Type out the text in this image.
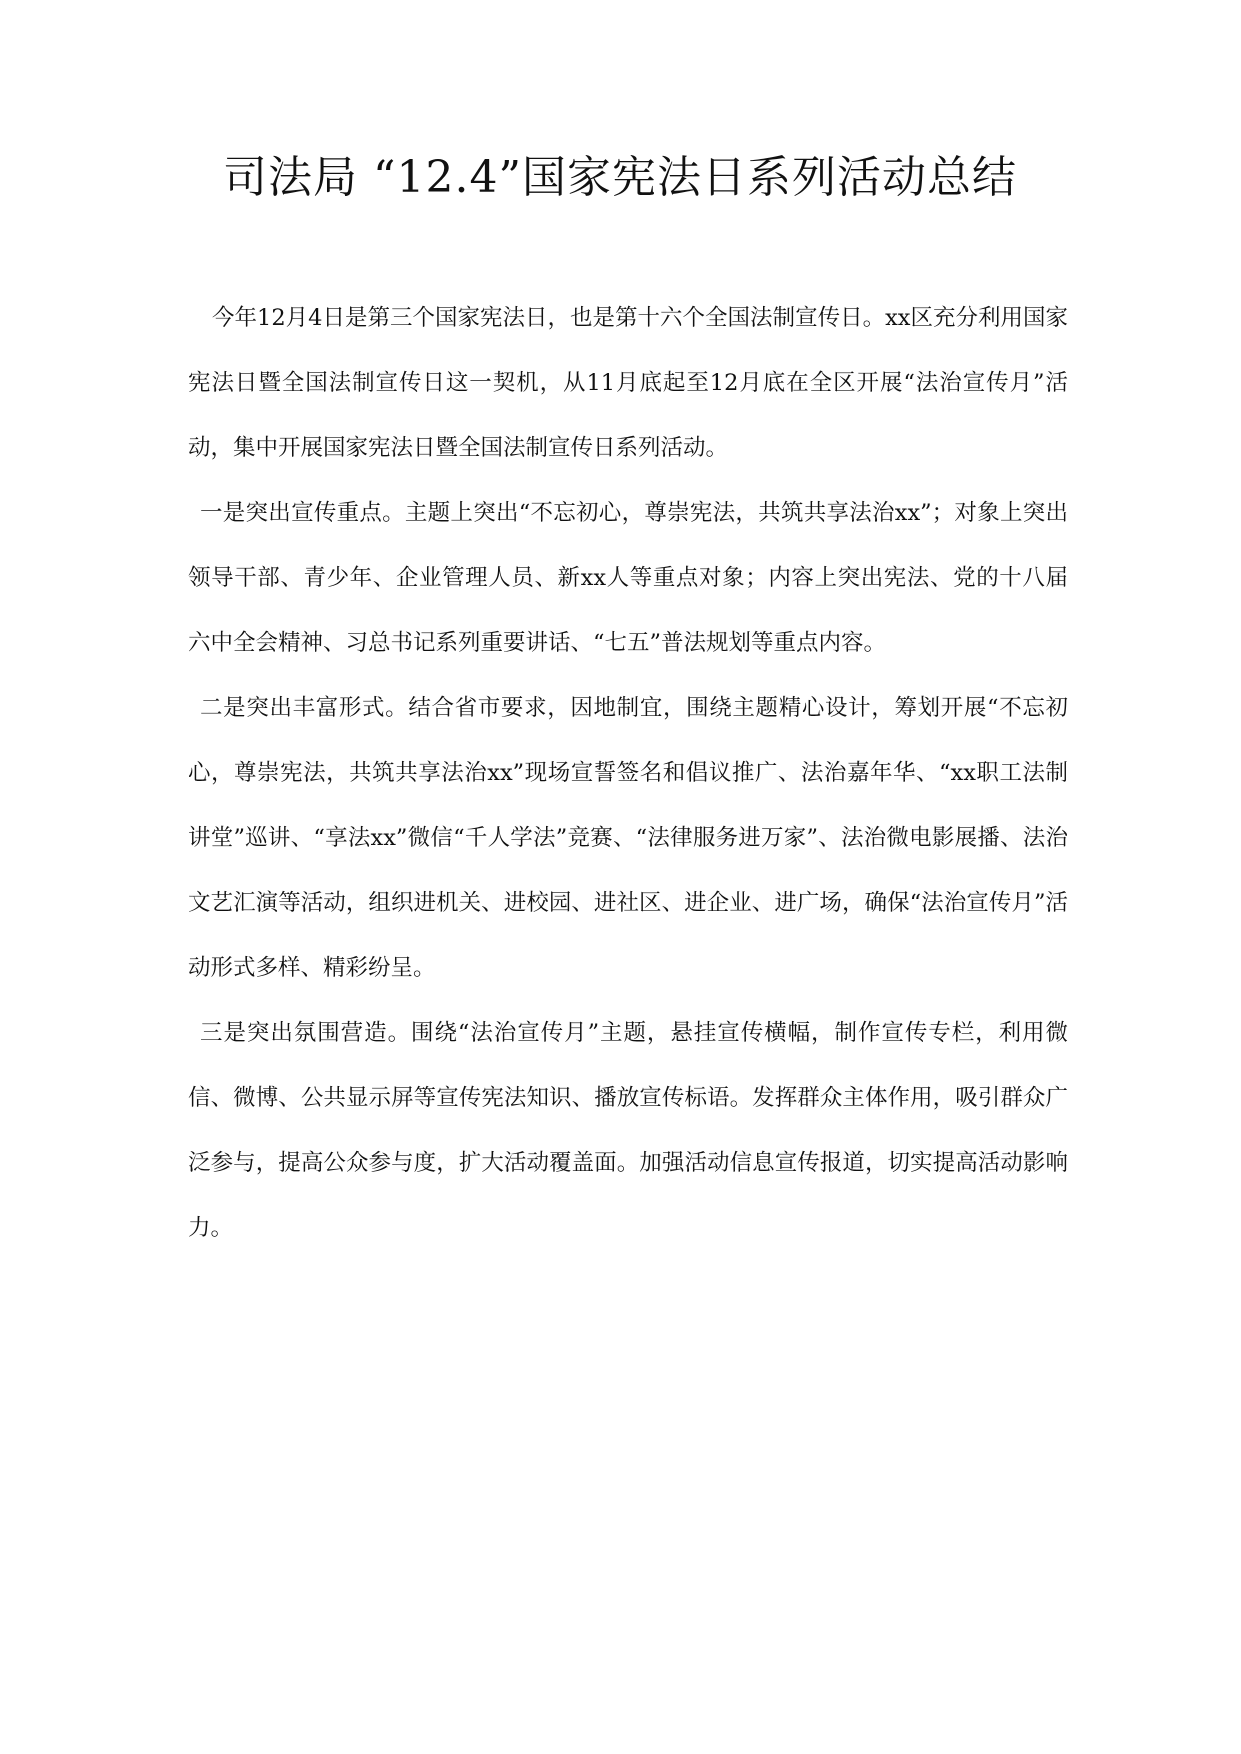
司法局 “12.4”国家宪法日系列活动总结

今年12月4日是第三个国家宪法日，也是第十六个全国法制宣传日。xx区充分利用国家宪法日暨全国法制宣传日这一契机，从11月底起至12月底在全区开展“法治宣传月”活动，集中开展国家宪法日暨全国法制宣传日系列活动。

一是突出宣传重点。主题上突出“不忘初心，尊崇宪法，共筑共享法治xx”；对象上突出领导干部、青少年、企业管理人员、新xx人等重点对象；内容上突出宪法、党的十八届六中全会精神、习总书记系列重要讲话、“七五”普法规划等重点内容。

二是突出丰富形式。结合省市要求，因地制宜，围绕主题精心设计，筹划开展“不忘初心，尊崇宪法，共筑共享法治xx”现场宣誓签名和倡议推广、法治嘉年华、“xx职工法制讲堂”巡讲、“享法xx”微信“千人学法”竞赛、“法律服务进万家”、法治微电影展播、法治文艺汇演等活动，组织进机关、进校园、进社区、进企业、进广场，确保“法治宣传月”活动形式多样、精彩纷呈。

三是突出氛围营造。围绕“法治宣传月”主题，悬挂宣传横幅，制作宣传专栏，利用微信、微博、公共显示屏等宣传宪法知识、播放宣传标语。发挥群众主体作用，吸引群众广泛参与，提高公众参与度，扩大活动覆盖面。加强活动信息宣传报道，切实提高活动影响力。
